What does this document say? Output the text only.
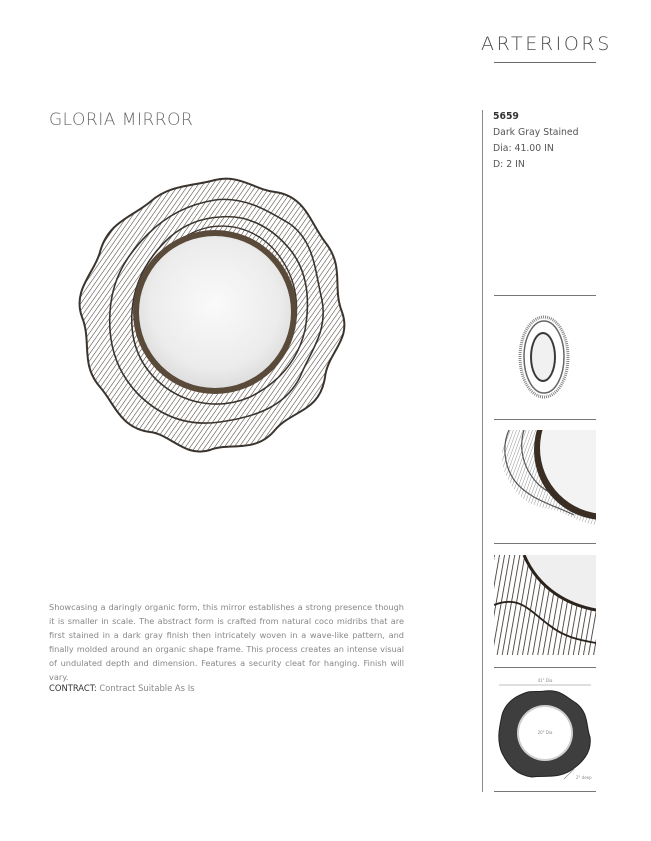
ARTERIORS
GLORIA MIRROR	5659
Dark Gray Stained
Dia: 41.00 IN
D: 2 IN
41" Dia
20" Dia
2" deep
Showcasing a daringly organic form, this mirror establishes a strong presence though it is smaller in scale. The abstract form is crafted from natural coco midribs that are first stained in a dark gray finish then intricately woven in a wave-like pattern, and finally molded around an organic shape frame. This process creates an intense visual of undulated depth and dimension. Features a security cleat for hanging. Finish will vary.
CONTRACT: Contract Suitable As Is
